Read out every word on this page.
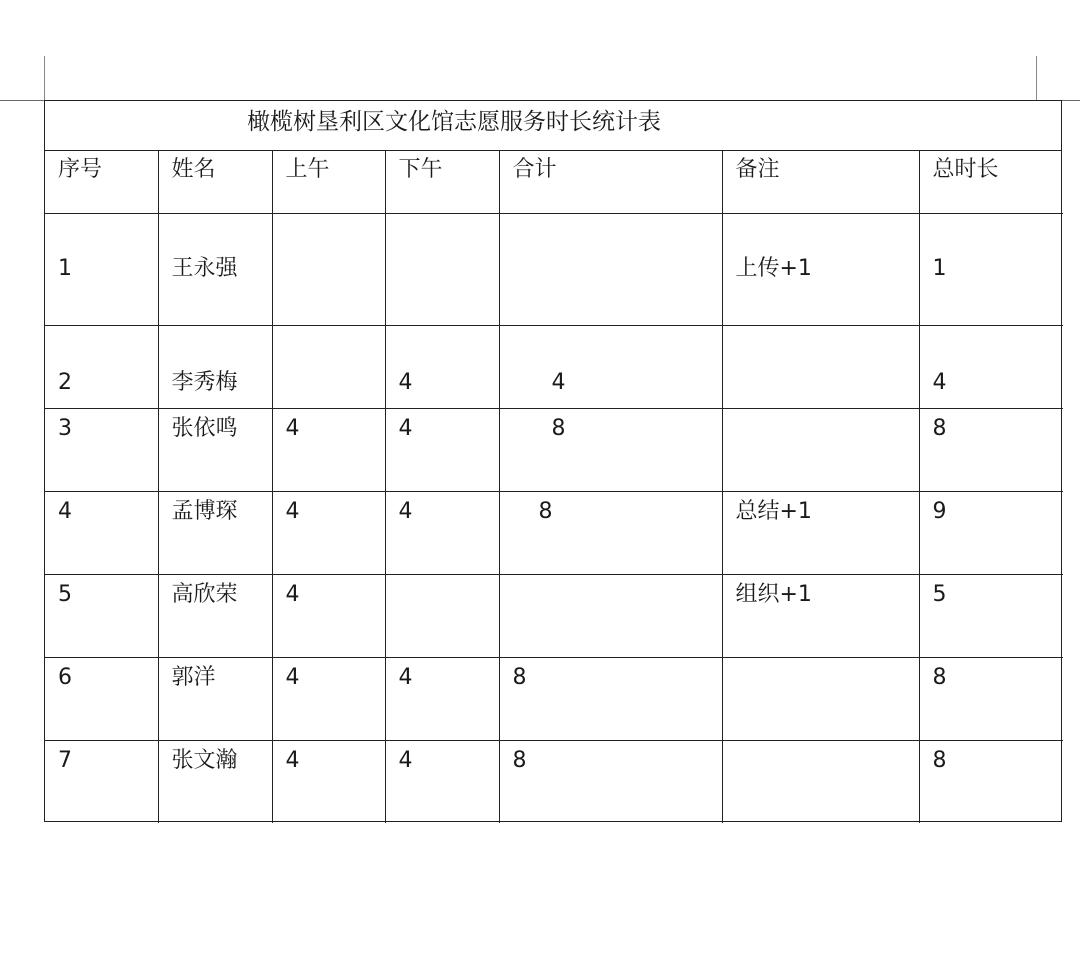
橄榄树垦利区文化馆志愿服务时长统计表
序号	姓名	上午	下午	合计	备注	总时长
1	王永强				上传+1	1
2	李秀梅		4	4		4
3	张依鸣	4	4	8		8
4	孟博琛	4	4	8	总结+1	9
5	高欣荣	4			组织+1	5
6	郭洋	4	4	8		8
7	张文瀚	4	4	8		8
